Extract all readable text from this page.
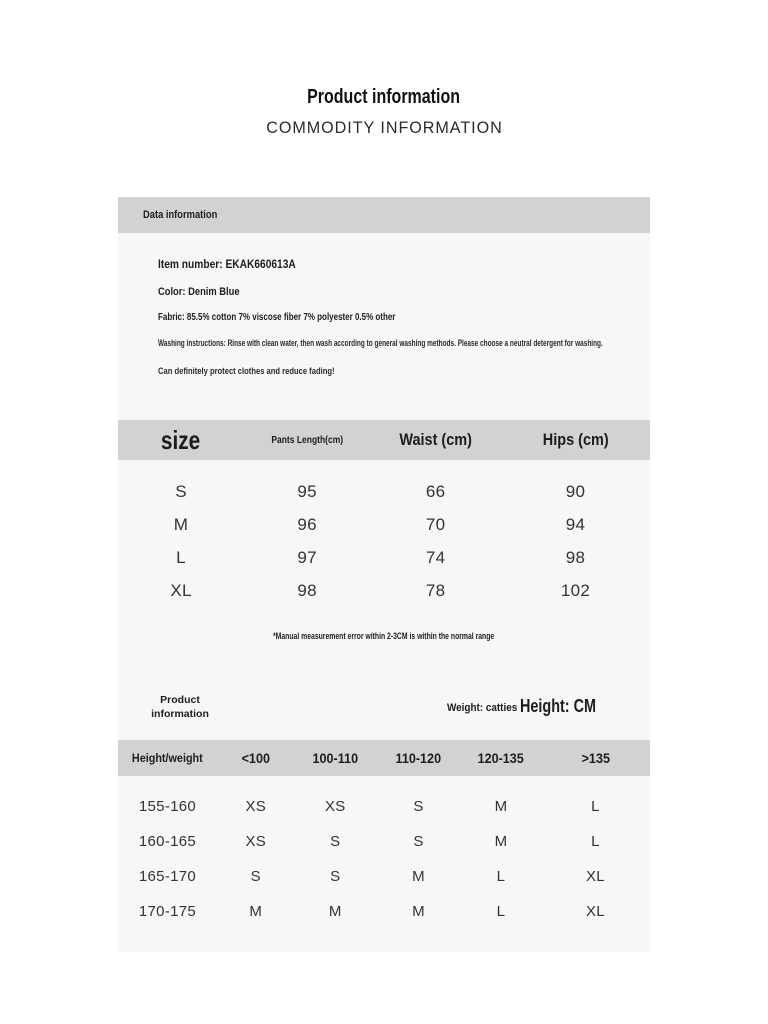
Product information
COMMODITY INFORMATION
Data information
Item number: EKAK660613A
Color: Denim Blue
Fabric: 85.5% cotton 7% viscose fiber 7% polyester 0.5% other
Washing instructions: Rinse with clean water, then wash according to general washing methods. Please choose a neutral detergent for washing.
Can definitely protect clothes and reduce fading!
size	Pants Length(cm)	Waist (cm)	Hips (cm)
S	95	66	90
M	96	70	94
L	97	74	98
XL	98	78	102
*Manual measurement error within 2-3CM is within the normal range
Product information	Weight: catties Height: CM
Height/weight	<100	100-110	110-120	120-135	>135
155-160	XS	XS	S	M	L
160-165	XS	S	S	M	L
165-170	S	S	M	L	XL
170-175	M	M	M	L	XL
